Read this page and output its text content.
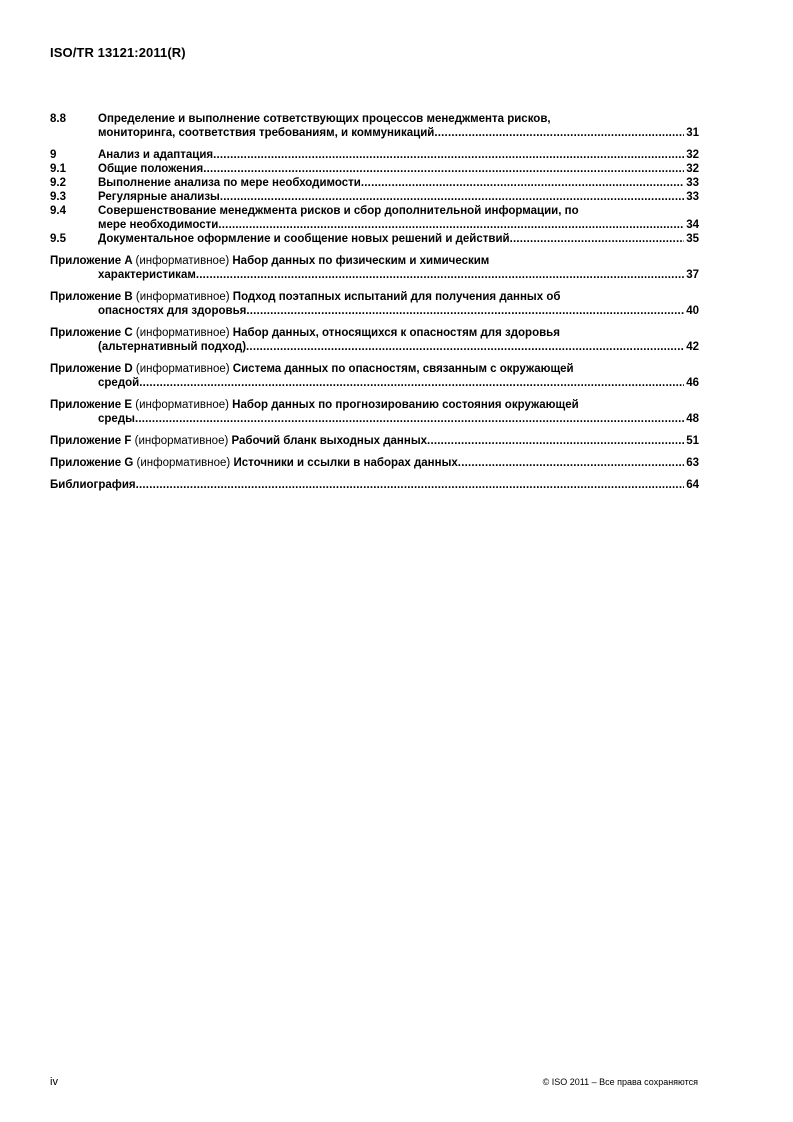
ISO/TR 13121:2011(R)
8.8	Определение и выполнение сответствующих процессов менеджмента рисков,
мониторинга, соответствия требованиям, и коммуникаций .....	31
9	Анализ и адаптация .....	32
9.1	Общие положения .....	32
9.2	Выполнение анализа по мере необходимости .....	33
9.3	Регулярные анализы .....	33
9.4	Совершенствование менеджмента рисков и сбор дополнительной информации, по
мере необходимости .....	34
9.5	Документальное оформление и сообщение новых решений и действий .....	35
Приложение A (информативное) Набор данных по физическим и химическим
характеристикам .....	37
Приложение B (информативное) Подход поэтапных испытаний для получения данных об
опасностях для здоровья .....	40
Приложение C (информативное) Набор данных, относящихся к опасностям для здоровья
(альтернативный подход) .....	42
Приложение D (информативное) Система данных по опасностям, связанным с окружающей
средой .....	46
Приложение E (информативное) Набор данных по прогнозированию состояния окружающей
среды .....	48
Приложение F (информативное) Рабочий бланк выходных данных .....	51
Приложение G (информативное) Источники и ссылки в наборах данных .....	63
Библиография .....	64
iv	© ISO 2011 – Все права сохраняются
